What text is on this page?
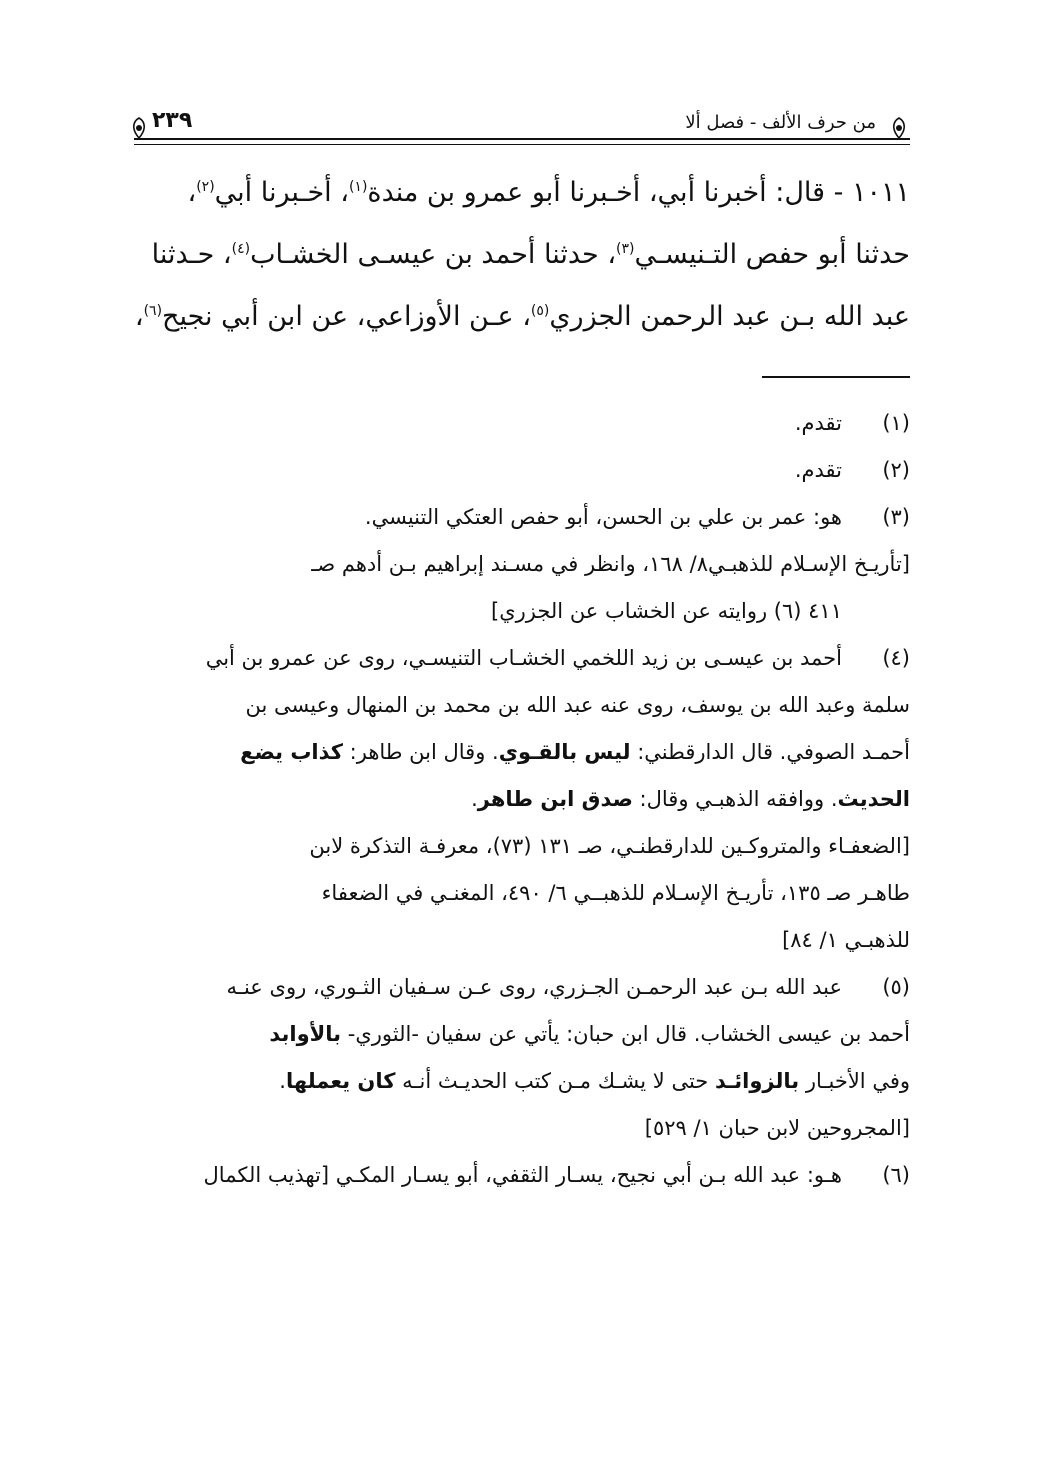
من حرف الألف - فصل ألا
٢٣٩

١٠١١ - قال: أخبرنا أبي، أخـبرنا أبو عمرو بن مندة$^{(١)}$، أخـبرنا أبي$^{(٢)}$،

حدثنا أبو حفص التـنيسـي$^{(٣)}$، حدثنا أحمد بن عيسـى الخشـاب$^{(٤)}$، حـدثنا

عبد الله بـن عبد الرحمن الجزري$^{(٥)}$، عـن الأوزاعي، عن ابن أبي نجيح$^{(٦)}$،

(١)
تقدم.
(٢)
تقدم.
(٣)
هو: عمر بن علي بن الحسن، أبو حفص العتكي التنيسي.
[تأريـخ الإسـلام للذهبـي٨/ ١٦٨، وانظر في مسـند إبراهيم بـن أدهم صـ
٤١١ (٦) روايته عن الخشاب عن الجزري]
(٤)
أحمد بن عيسـى بن زيد اللخمي الخشـاب التنيسـي، روى عن عمرو بن أبي
سلمة وعبد الله بن يوسف، روى عنه عبد الله بن محمد بن المنهال وعيسى بن
أحمـد الصوفي. قال الدارقطني: ليس بالقـوي. وقال ابن طاهر: كذاب يضع
الحديث. ووافقه الذهبـي وقال: صدق ابن طاهر.
[الضعفـاء والمتروكـين للدارقطنـي، صـ ١٣١ (٧٣)، معرفـة التذكرة لابن
طاهـر صـ ١٣٥، تأريـخ الإسـلام للذهبــي ٦/ ٤٩٠، المغنـي في الضعفاء
للذهبـي ١/ ٨٤]
(٥)
عبد الله بـن عبد الرحمـن الجـزري، روى عـن سـفيان الثـوري، روى عنـه
أحمد بن عيسى الخشاب. قال ابن حبان: يأتي عن سفيان -الثوري- بالأوابد
وفي الأخبـار بالزوائـد حتى لا يشـك مـن كتب الحديـث أنـه كان يعملها.
[المجروحين لابن حبان ١/ ٥٢٩]
(٦)
هـو: عبد الله بـن أبي نجيح، يسـار الثقفي، أبو يسـار المكـي [تهذيب الكمال
